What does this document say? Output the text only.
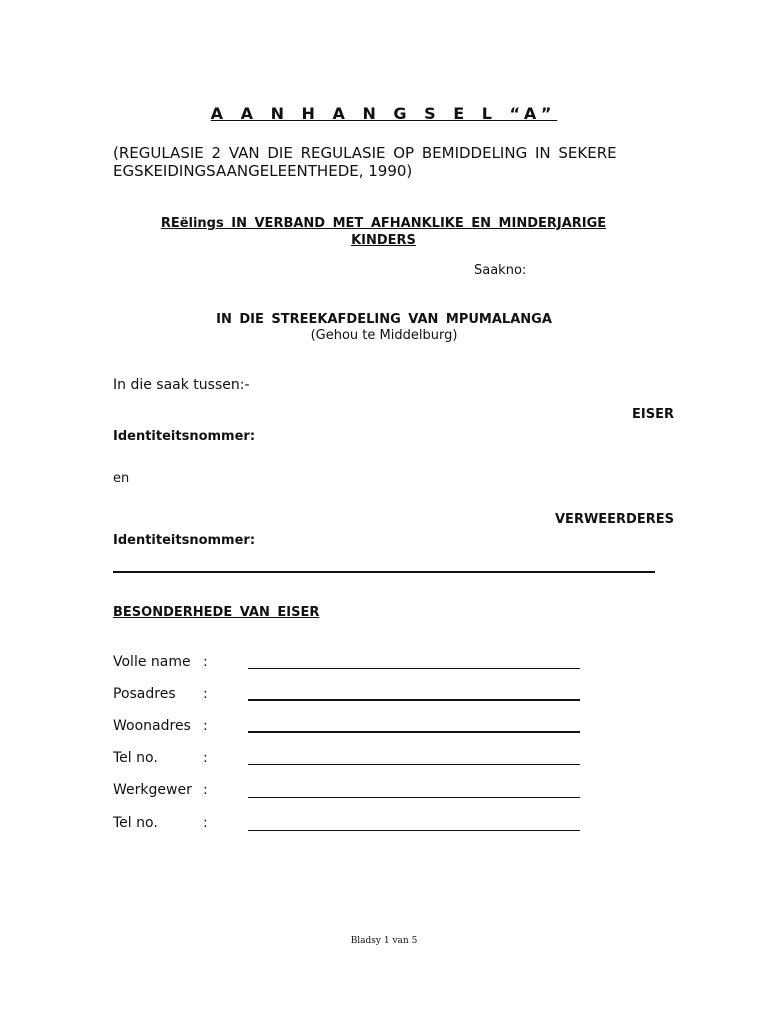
A A N H A N G S E L “A”
(REGULASIE 2 VAN DIE REGULASIE OP BEMIDDELING IN SEKERE
EGSKEIDINGSAANGELEENTHEDE, 1990)
REëlings IN VERBAND MET AFHANKLIKE EN MINDERJARIGE
KINDERS
Saakno:
IN DIE STREEKAFDELING VAN MPUMALANGA
(Gehou te Middelburg)
In die saak tussen:-
EISER
Identiteitsnommer:
en
VERWEERDERES
Identiteitsnommer:
BESONDERHEDE VAN EISER
Volle name :
Posadres :
Woonadres :
Tel no.	:
Werkgewer :
Tel no.	:
Bladsy 1 van 5
